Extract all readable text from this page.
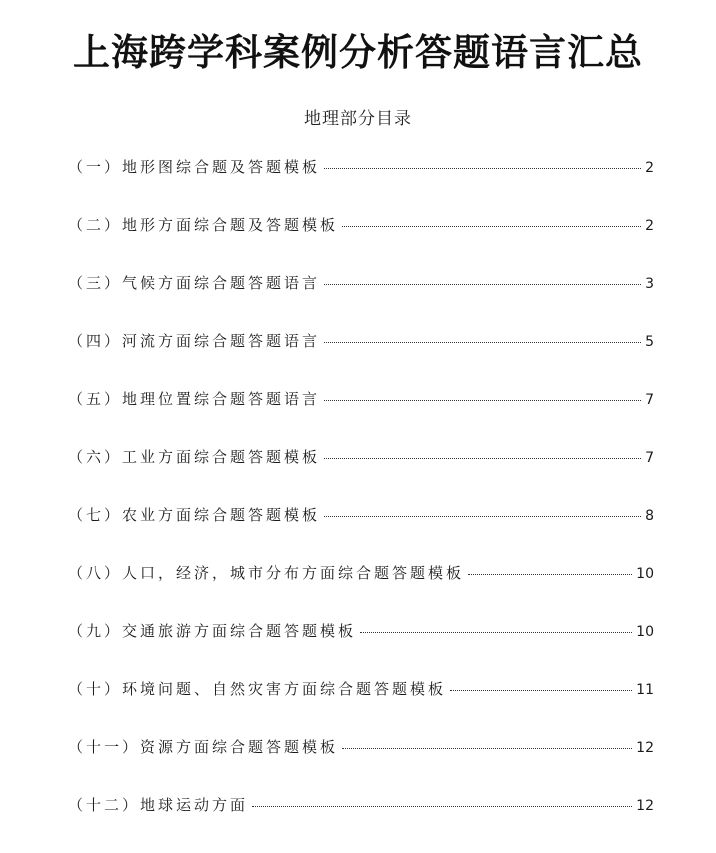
上海跨学科案例分析答题语言汇总
地理部分目录
（一）地形图综合题及答题模板	2
（二）地形方面综合题及答题模板	2
（三）气候方面综合题答题语言	3
（四）河流方面综合题答题语言	5
（五）地理位置综合题答题语言	7
（六）工业方面综合题答题模板	7
（七）农业方面综合题答题模板	8
（八）人口，经济，城市分布方面综合题答题模板	10
（九）交通旅游方面综合题答题模板	10
（十）环境问题、自然灾害方面综合题答题模板	11
（十一）资源方面综合题答题模板	12
（十二）地球运动方面	12
